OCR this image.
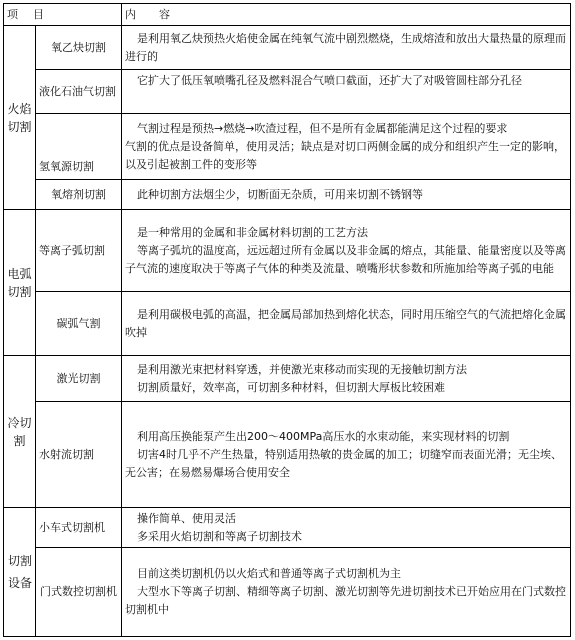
项　目		内　容
火焰切割	氧乙炔切割	是利用氧乙炔预热火焰使金属在纯氧气流中剧烈燃烧，生成熔渣和放出大量热量的原理而进行的

	液化石油气切割	它扩大了低压氧喷嘴孔径及燃料混合气喷口截面，还扩大了对吸管圆柱部分孔径

	氢氧源切割	气割过程是预热→燃烧→吹渣过程，但不是所有金属都能满足这个过程的要求

气割的优点是设备简单，使用灵活；缺点是对切口两侧金属的成分和组织产生一定的影响，以及引起被割工件的变形等

	氧熔剂切割	此种切割方法烟尘少，切断面无杂质，可用来切割不锈钢等

电弧切割	等离子弧切割	是一种常用的金属和非金属材料切割的工艺方法

等离子弧坑的温度高，远远超过所有金属以及非金属的熔点，其能量、能量密度以及等离子气流的速度取决于等离子气体的种类及流量、喷嘴形状参数和所施加给等离子弧的电能

	碳弧气割	是利用碳极电弧的高温，把金属局部加热到熔化状态，同时用压缩空气的气流把熔化金属吹掉

冷切割	激光切割	是利用激光束把材料穿透，并使激光束移动而实现的无接触切割方法

切割质量好，效率高，可切割多种材料，但切割大厚板比较困难

	水射流切割	利用高压换能泵产生出200～400MPa高压水的水束动能，来实现材料的切割

切害4时几乎不产生热量，特别适用热敏的贵金属的加工；切缝窄而表面光滑；无尘埃、无公害；在易燃易爆场合使用安全

切割设备	小车式切割机	操作简单、使用灵活

多采用火焰切割和等离子切割技术

	门式数控切割机	目前这类切割机仍以火焰式和普通等离子式切割机为主

大型水下等离子切割、精细等离子切割、激光切割等先进切割技术已开始应用在门式数控切割机中
